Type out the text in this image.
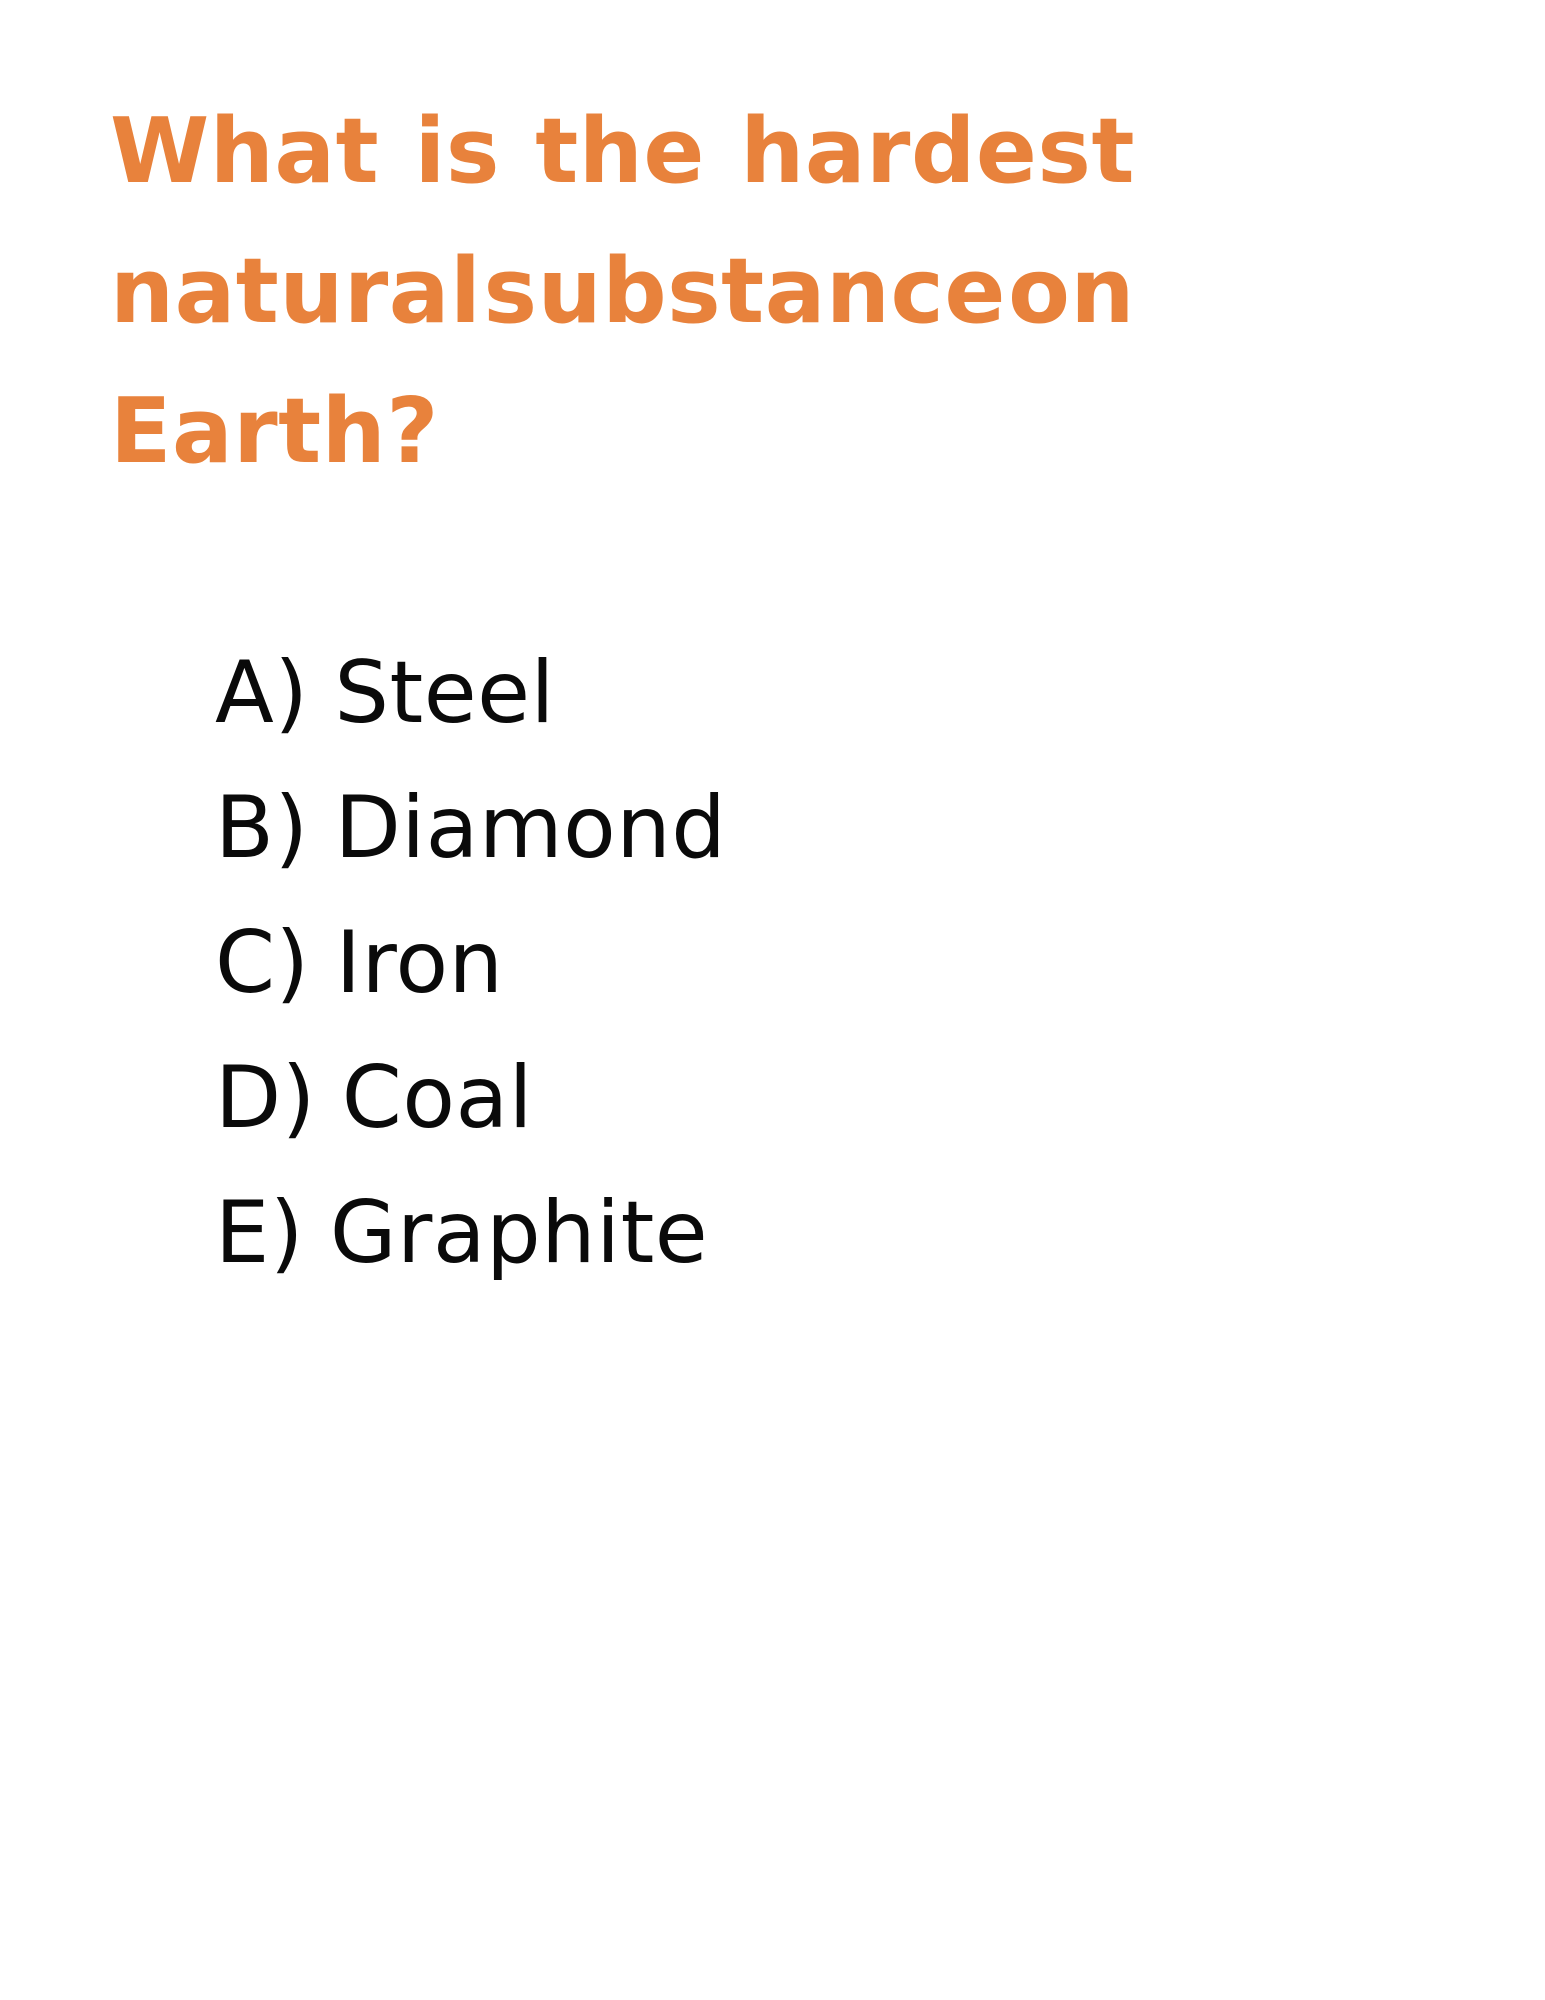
What is the hardest
natural substance on
Earth?
A) Steel
B) Diamond
C) Iron
D) Coal
E) Graphite
